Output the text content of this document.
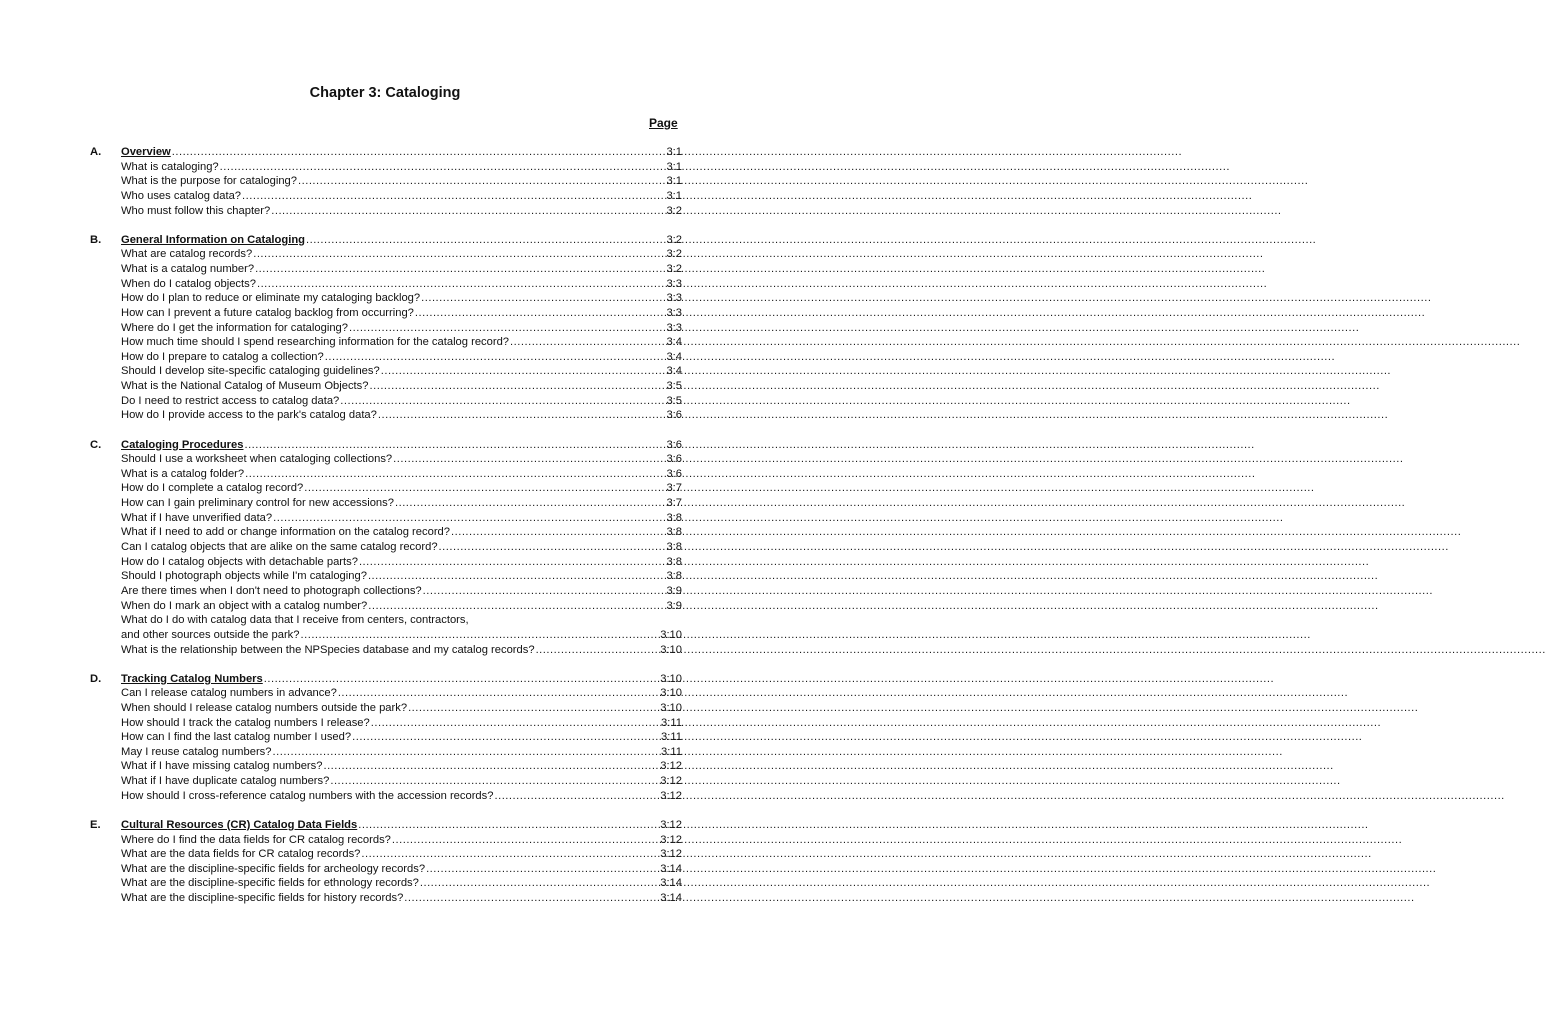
Chapter 3: Cataloging
Page
A.	Overview .....	3:1
What is cataloging? .....	3:1
What is the purpose for cataloging? .....	3:1
Who uses catalog data? .....	3:1
Who must follow this chapter? .....	3:2
B.	General Information on Cataloging .....	3:2
What are catalog records? .....	3:2
What is a catalog number? .....	3:2
When do I catalog objects? .....	3:3
How do I plan to reduce or eliminate my cataloging backlog? .....	3:3
How can I prevent a future catalog backlog from occurring? .....	3:3
Where do I get the information for cataloging? .....	3:3
How much time should I spend researching information for the catalog record? .....	3:4
How do I prepare to catalog a collection? .....	3:4
Should I develop site-specific cataloging guidelines? .....	3:4
What is the National Catalog of Museum Objects? .....	3:5
Do I need to restrict access to catalog data? .....	3:5
How do I provide access to the park's catalog data? .....	3:6
C.	Cataloging Procedures .....	3:6
Should I use a worksheet when cataloging collections? .....	3:6
What is a catalog folder? .....	3:6
How do I complete a catalog record? .....	3:7
How can I gain preliminary control for new accessions? .....	3:7
What if I have unverified data? .....	3:8
What if I need to add or change information on the catalog record? .....	3:8
Can I catalog objects that are alike on the same catalog record? .....	3:8
How do I catalog objects with detachable parts? .....	3:8
Should I photograph objects while I'm cataloging? .....	3:8
Are there times when I don't need to photograph collections? .....	3:9
When do I mark an object with a catalog number? .....	3:9
What do I do with catalog data that I receive from centers, contractors,
and other sources outside the park? .....	3:10
What is the relationship between the NPSpecies database and my catalog records? .....	3:10
D.	Tracking Catalog Numbers .....	3:10
Can I release catalog numbers in advance? .....	3:10
When should I release catalog numbers outside the park? .....	3:10
How should I track the catalog numbers I release? .....	3:11
How can I find the last catalog number I used? .....	3:11
May I reuse catalog numbers? .....	3:11
What if I have missing catalog numbers? .....	3:12
What if I have duplicate catalog numbers? .....	3:12
How should I cross-reference catalog numbers with the accession records? .....	3:12
E.	Cultural Resources (CR) Catalog Data Fields .....	3:12
Where do I find the data fields for CR catalog records? .....	3:12
What are the data fields for CR catalog records? .....	3:12
What are the discipline-specific fields for archeology records? .....	3:14
What are the discipline-specific fields for ethnology records? .....	3:14
What are the discipline-specific fields for history records? .....	3:14
